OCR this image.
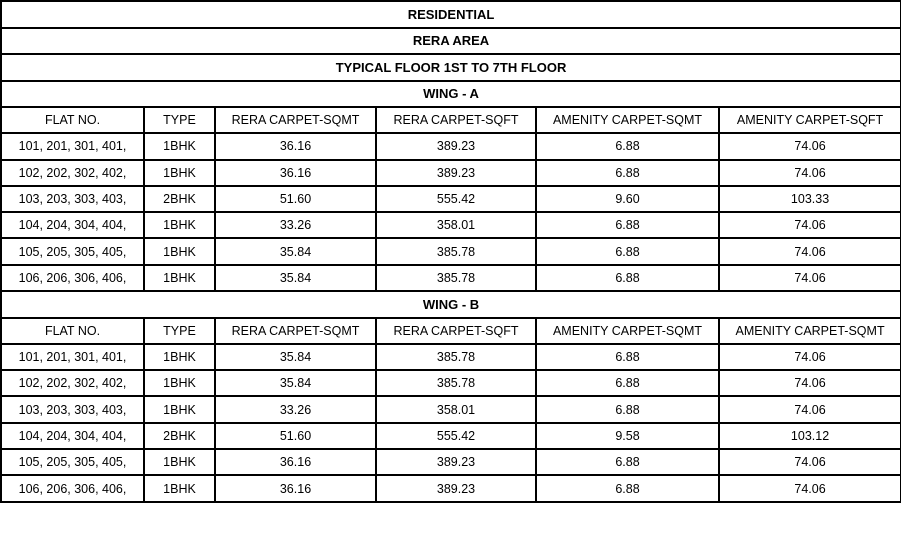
RESIDENTIAL					
RERA AREA					
TYPICAL FLOOR 1ST TO 7TH FLOOR					
WING - A					
FLAT NO.	TYPE	RERA CARPET-SQMT	RERA CARPET-SQFT	AMENITY CARPET-SQMT	AMENITY CARPET-SQFT
101, 201, 301, 401,	1BHK	36.16	389.23	6.88	74.06
102, 202, 302, 402,	1BHK	36.16	389.23	6.88	74.06
103, 203, 303, 403,	2BHK	51.60	555.42	9.60	103.33
104, 204, 304, 404,	1BHK	33.26	358.01	6.88	74.06
105, 205, 305, 405,	1BHK	35.84	385.78	6.88	74.06
106, 206, 306, 406,	1BHK	35.84	385.78	6.88	74.06
WING - B					
FLAT NO.	TYPE	RERA CARPET-SQMT	RERA CARPET-SQFT	AMENITY CARPET-SQMT	AMENITY CARPET-SQMT
101, 201, 301, 401,	1BHK	35.84	385.78	6.88	74.06
102, 202, 302, 402,	1BHK	35.84	385.78	6.88	74.06
103, 203, 303, 403,	1BHK	33.26	358.01	6.88	74.06
104, 204, 304, 404,	2BHK	51.60	555.42	9.58	103.12
105, 205, 305, 405,	1BHK	36.16	389.23	6.88	74.06
106, 206, 306, 406,	1BHK	36.16	389.23	6.88	74.06
